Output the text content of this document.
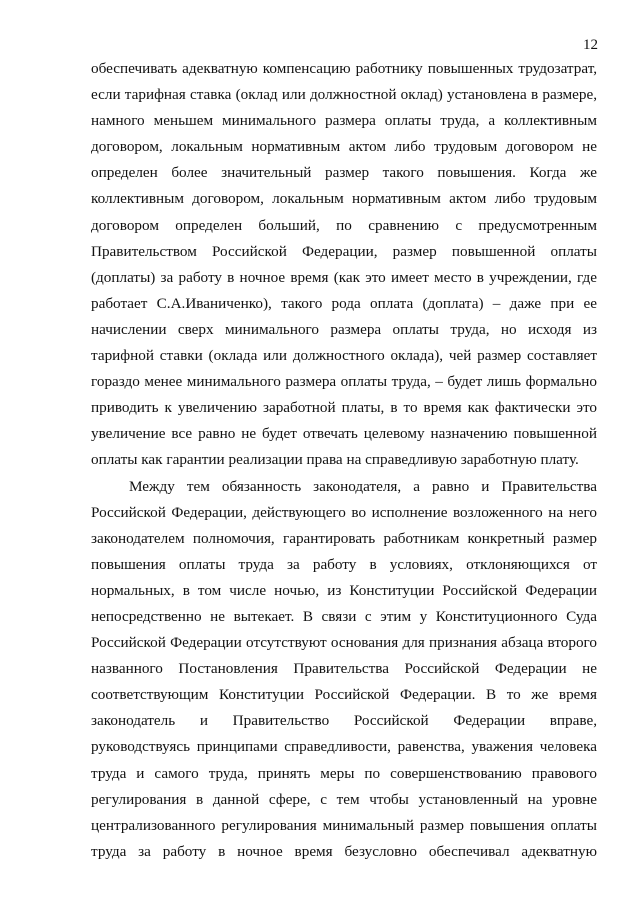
12
обеспечивать адекватную компенсацию работнику повышенных трудозатрат,
если тарифная ставка (оклад или должностной оклад) установлена в размере,
намного меньшем минимального размера оплаты труда, а коллективным
договором, локальным нормативным актом либо трудовым договором не
определен более значительный размер такого повышения. Когда же
коллективным договором, локальным нормативным актом либо трудовым
договором определен больший, по сравнению с предусмотренным
Правительством Российской Федерации, размер повышенной оплаты
(доплаты) за работу в ночное время (как это имеет место в учреждении, где
работает С.А.Иваниченко), такого рода оплата (доплата) – даже при ее
начислении сверх минимального размера оплаты труда, но исходя из
тарифной ставки (оклада или должностного оклада), чей размер составляет
гораздо менее минимального размера оплаты труда, – будет лишь формально
приводить к увеличению заработной платы, в то время как фактически это
увеличение все равно не будет отвечать целевому назначению повышенной
оплаты как гарантии реализации права на справедливую заработную плату.
Между тем обязанность законодателя, а равно и Правительства
Российской Федерации, действующего во исполнение возложенного на него
законодателем полномочия, гарантировать работникам конкретный размер
повышения оплаты труда за работу в условиях, отклоняющихся от
нормальных, в том числе ночью, из Конституции Российской Федерации
непосредственно не вытекает. В связи с этим у Конституционного Суда
Российской Федерации отсутствуют основания для признания абзаца второго
названного Постановления Правительства Российской Федерации не
соответствующим Конституции Российской Федерации. В то же время
законодатель и Правительство Российской Федерации вправе,
руководствуясь принципами справедливости, равенства, уважения человека
труда и самого труда, принять меры по совершенствованию правового
регулирования в данной сфере, с тем чтобы установленный на уровне
централизованного регулирования минимальный размер повышения оплаты
труда за работу в ночное время безусловно обеспечивал адекватную
